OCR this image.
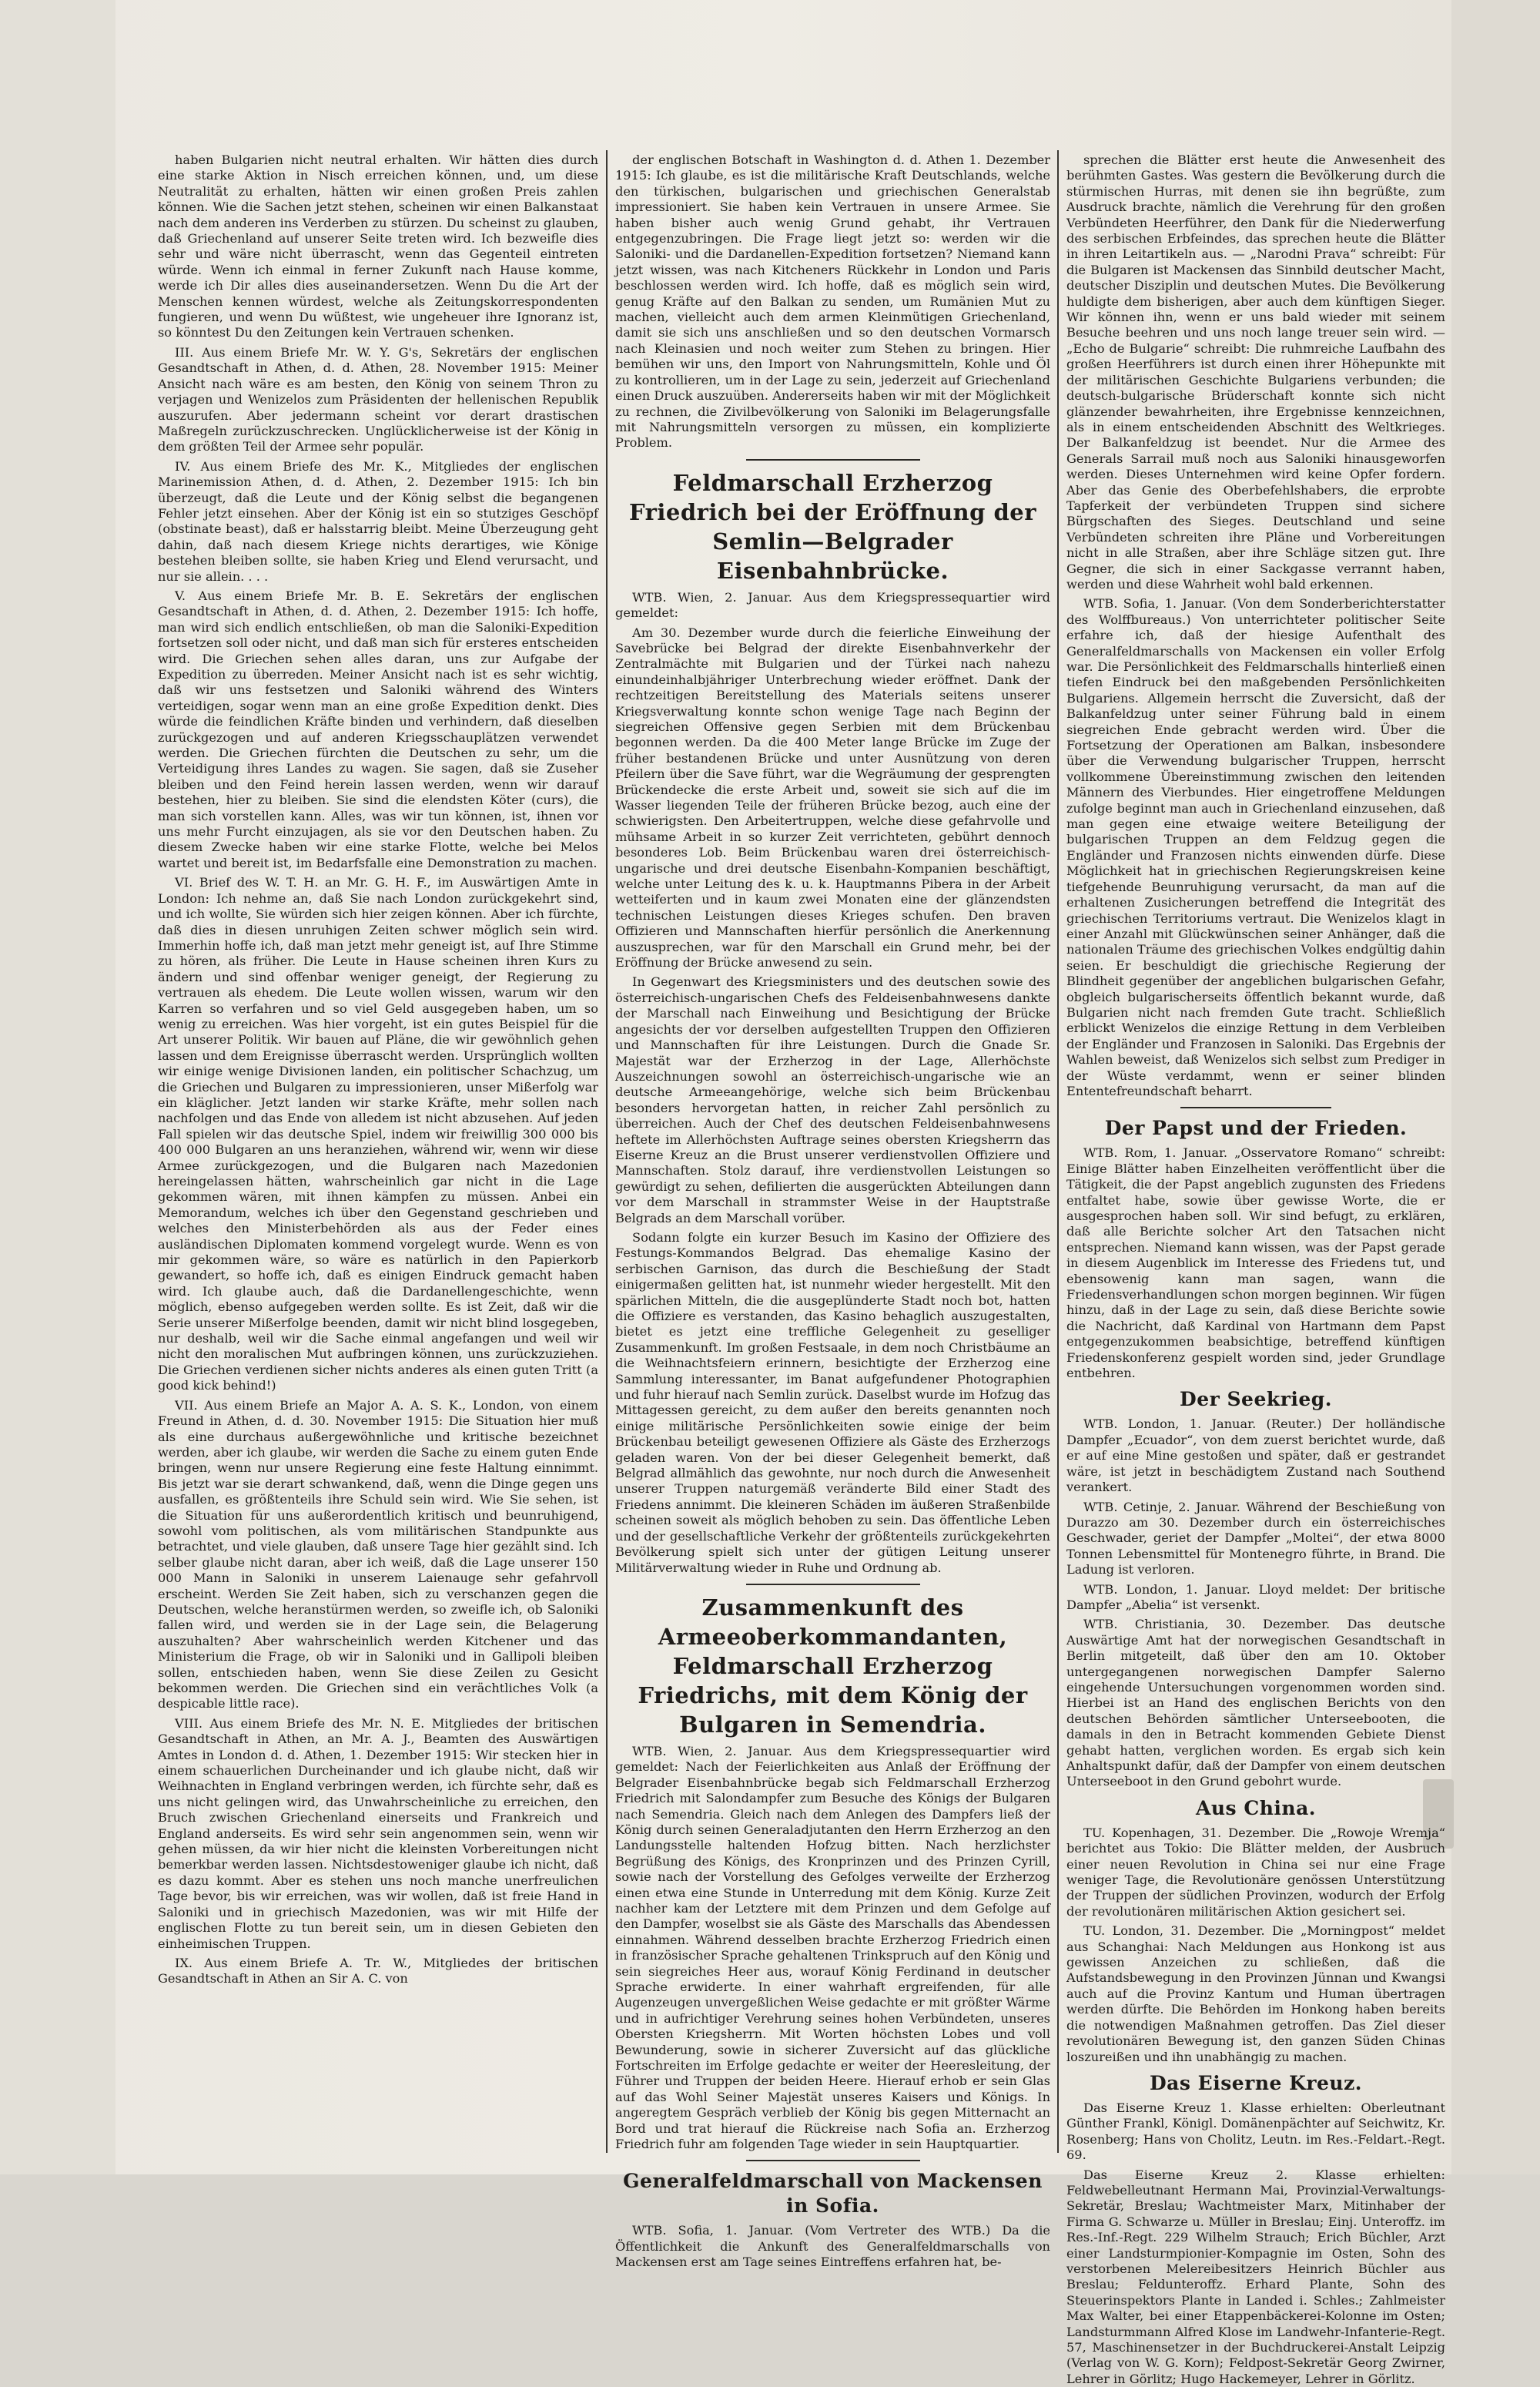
haben Bulgarien nicht neutral erhalten. Wir hätten dies durch eine starke Aktion in Nisch erreichen können, und, um diese Neutralität zu erhalten, hätten wir einen großen Preis zahlen können. Wie die Sachen jetzt stehen, scheinen wir einen Balkanstaat nach dem anderen ins Verderben zu stürzen. Du scheinst zu glauben, daß Griechenland auf unserer Seite treten wird. Ich bezweifle dies sehr und wäre nicht überrascht, wenn das Gegenteil eintreten würde. Wenn ich einmal in ferner Zukunft nach Hause komme, werde ich Dir alles dies auseinandersetzen. Wenn Du die Art der Menschen kennen würdest, welche als Zeitungskorrespondenten fungieren, und wenn Du wüßtest, wie ungeheuer ihre Ignoranz ist, so könntest Du den Zeitungen kein Vertrauen schenken.

III. Aus einem Briefe Mr. W. Y. G's, Sekretärs der englischen Gesandtschaft in Athen, d. d. Athen, 28. November 1915: Meiner Ansicht nach wäre es am besten, den König von seinem Thron zu verjagen und Wenizelos zum Präsidenten der hellenischen Republik auszurufen. Aber jedermann scheint vor derart drastischen Maßregeln zurückzuschrecken. Unglücklicherweise ist der König in dem größten Teil der Armee sehr populär.

IV. Aus einem Briefe des Mr. K., Mitgliedes der englischen Marinemission Athen, d. d. Athen, 2. Dezember 1915: Ich bin überzeugt, daß die Leute und der König selbst die begangenen Fehler jetzt einsehen. Aber der König ist ein so stutziges Geschöpf (obstinate beast), daß er halsstarrig bleibt. Meine Überzeugung geht dahin, daß nach diesem Kriege nichts derartiges, wie Könige bestehen bleiben sollte, sie haben Krieg und Elend verursacht, und nur sie allein. . . .

V. Aus einem Briefe Mr. B. E. Sekretärs der englischen Gesandtschaft in Athen, d. d. Athen, 2. Dezember 1915: Ich hoffe, man wird sich endlich entschließen, ob man die Saloniki-Expedition fortsetzen soll oder nicht, und daß man sich für ersteres entscheiden wird. Die Griechen sehen alles daran, uns zur Aufgabe der Expedition zu überreden. Meiner Ansicht nach ist es sehr wichtig, daß wir uns festsetzen und Saloniki während des Winters verteidigen, sogar wenn man an eine große Expedition denkt. Dies würde die feindlichen Kräfte binden und verhindern, daß dieselben zurückgezogen und auf anderen Kriegsschauplätzen verwendet werden. Die Griechen fürchten die Deutschen zu sehr, um die Verteidigung ihres Landes zu wagen. Sie sagen, daß sie Zuseher bleiben und den Feind herein lassen werden, wenn wir darauf bestehen, hier zu bleiben. Sie sind die elendsten Köter (curs), die man sich vorstellen kann. Alles, was wir tun können, ist, ihnen vor uns mehr Furcht einzujagen, als sie vor den Deutschen haben. Zu diesem Zwecke haben wir eine starke Flotte, welche bei Melos wartet und bereit ist, im Bedarfsfalle eine Demonstration zu machen.

VI. Brief des W. T. H. an Mr. G. H. F., im Auswärtigen Amte in London: Ich nehme an, daß Sie nach London zurückgekehrt sind, und ich wollte, Sie würden sich hier zeigen können. Aber ich fürchte, daß dies in diesen unruhigen Zeiten schwer möglich sein wird. Immerhin hoffe ich, daß man jetzt mehr geneigt ist, auf Ihre Stimme zu hören, als früher. Die Leute in Hause scheinen ihren Kurs zu ändern und sind offenbar weniger geneigt, der Regierung zu vertrauen als ehedem. Die Leute wollen wissen, warum wir den Karren so verfahren und so viel Geld ausgegeben haben, um so wenig zu erreichen. Was hier vorgeht, ist ein gutes Beispiel für die Art unserer Politik. Wir bauen auf Pläne, die wir gewöhnlich gehen lassen und dem Ereignisse überrascht werden. Ursprünglich wollten wir einige wenige Divisionen landen, ein politischer Schachzug, um die Griechen und Bulgaren zu impressionieren, unser Mißerfolg war ein kläglicher. Jetzt landen wir starke Kräfte, mehr sollen nach nachfolgen und das Ende von alledem ist nicht abzusehen. Auf jeden Fall spielen wir das deutsche Spiel, indem wir freiwillig 300 000 bis 400 000 Bulgaren an uns heranziehen, während wir, wenn wir diese Armee zurückgezogen, und die Bulgaren nach Mazedonien hereingelassen hätten, wahrscheinlich gar nicht in die Lage gekommen wären, mit ihnen kämpfen zu müssen. Anbei ein Memorandum, welches ich über den Gegenstand geschrieben und welches den Ministerbehörden als aus der Feder eines ausländischen Diplomaten kommend vorgelegt wurde. Wenn es von mir gekommen wäre, so wäre es natürlich in den Papierkorb gewandert, so hoffe ich, daß es einigen Eindruck gemacht haben wird. Ich glaube auch, daß die Dardanellengeschichte, wenn möglich, ebenso aufgegeben werden sollte. Es ist Zeit, daß wir die Serie unserer Mißerfolge beenden, damit wir nicht blind losgegeben, nur deshalb, weil wir die Sache einmal angefangen und weil wir nicht den moralischen Mut aufbringen können, uns zurückzuziehen. Die Griechen verdienen sicher nichts anderes als einen guten Tritt (a good kick behind!)

VII. Aus einem Briefe an Major A. A. S. K., London, von einem Freund in Athen, d. d. 30. November 1915: Die Situation hier muß als eine durchaus außergewöhnliche und kritische bezeichnet werden, aber ich glaube, wir werden die Sache zu einem guten Ende bringen, wenn nur unsere Regierung eine feste Haltung einnimmt. Bis jetzt war sie derart schwankend, daß, wenn die Dinge gegen uns ausfallen, es größtenteils ihre Schuld sein wird. Wie Sie sehen, ist die Situation für uns außerordentlich kritisch und beunruhigend, sowohl vom politischen, als vom militärischen Standpunkte aus betrachtet, und viele glauben, daß unsere Tage hier gezählt sind. Ich selber glaube nicht daran, aber ich weiß, daß die Lage unserer 150 000 Mann in Saloniki in unserem Laienauge sehr gefahrvoll erscheint. Werden Sie Zeit haben, sich zu verschanzen gegen die Deutschen, welche heranstürmen werden, so zweifle ich, ob Saloniki fallen wird, und werden sie in der Lage sein, die Belagerung auszuhalten? Aber wahrscheinlich werden Kitchener und das Ministerium die Frage, ob wir in Saloniki und in Gallipoli bleiben sollen, entschieden haben, wenn Sie diese Zeilen zu Gesicht bekommen werden. Die Griechen sind ein verächtliches Volk (a despicable little race).

VIII. Aus einem Briefe des Mr. N. E. Mitgliedes der britischen Gesandtschaft in Athen, an Mr. A. J., Beamten des Auswärtigen Amtes in London d. d. Athen, 1. Dezember 1915: Wir stecken hier in einem schauerlichen Durcheinander und ich glaube nicht, daß wir Weihnachten in England verbringen werden, ich fürchte sehr, daß es uns nicht gelingen wird, das Unwahrscheinliche zu erreichen, den Bruch zwischen Griechenland einerseits und Frankreich und England anderseits. Es wird sehr sein angenommen sein, wenn wir gehen müssen, da wir hier nicht die kleinsten Vorbereitungen nicht bemerkbar werden lassen. Nichtsdestoweniger glaube ich nicht, daß es dazu kommt. Aber es stehen uns noch manche unerfreulichen Tage bevor, bis wir erreichen, was wir wollen, daß ist freie Hand in Saloniki und in griechisch Mazedonien, was wir mit Hilfe der englischen Flotte zu tun bereit sein, um in diesen Gebieten den einheimischen Truppen.

IX. Aus einem Briefe A. Tr. W., Mitgliedes der britischen Gesandtschaft in Athen an Sir A. C. von

der englischen Botschaft in Washington d. d. Athen 1. Dezember 1915: Ich glaube, es ist die militärische Kraft Deutschlands, welche den türkischen, bulgarischen und griechischen Generalstab impressioniert. Sie haben kein Vertrauen in unsere Armee. Sie haben bisher auch wenig Grund gehabt, ihr Vertrauen entgegenzubringen. Die Frage liegt jetzt so: werden wir die Saloniki- und die Dardanellen-Expedition fortsetzen? Niemand kann jetzt wissen, was nach Kitcheners Rückkehr in London und Paris beschlossen werden wird. Ich hoffe, daß es möglich sein wird, genug Kräfte auf den Balkan zu senden, um Rumänien Mut zu machen, vielleicht auch dem armen Kleinmütigen Griechenland, damit sie sich uns anschließen und so den deutschen Vormarsch nach Kleinasien und noch weiter zum Stehen zu bringen. Hier bemühen wir uns, den Import von Nahrungsmitteln, Kohle und Öl zu kontrollieren, um in der Lage zu sein, jederzeit auf Griechenland einen Druck auszuüben. Andererseits haben wir mit der Möglichkeit zu rechnen, die Zivilbevölkerung von Saloniki im Belagerungsfalle mit Nahrungsmitteln versorgen zu müssen, ein komplizierte Problem.

Feldmarschall Erzherzog Friedrich bei der Eröffnung der Semlin—Belgrader Eisenbahnbrücke.

WTB. Wien, 2. Januar. Aus dem Kriegspressequartier wird gemeldet:

Am 30. Dezember wurde durch die feierliche Einweihung der Savebrücke bei Belgrad der direkte Eisenbahnverkehr der Zentralmächte mit Bulgarien und der Türkei nach nahezu einundeinhalbjähriger Unterbrechung wieder eröffnet. Dank der rechtzeitigen Bereitstellung des Materials seitens unserer Kriegsverwaltung konnte schon wenige Tage nach Beginn der siegreichen Offensive gegen Serbien mit dem Brückenbau begonnen werden. Da die 400 Meter lange Brücke im Zuge der früher bestandenen Brücke und unter Ausnützung von deren Pfeilern über die Save führt, war die Wegräumung der gesprengten Brückendecke die erste Arbeit und, soweit sie sich auf die im Wasser liegenden Teile der früheren Brücke bezog, auch eine der schwierigsten. Den Arbeitertruppen, welche diese gefahrvolle und mühsame Arbeit in so kurzer Zeit verrichteten, gebührt dennoch besonderes Lob. Beim Brückenbau waren drei österreichisch-ungarische und drei deutsche Eisenbahn-Kompanien beschäftigt, welche unter Leitung des k. u. k. Hauptmanns Pibera in der Arbeit wetteiferten und in kaum zwei Monaten eine der glänzendsten technischen Leistungen dieses Krieges schufen. Den braven Offizieren und Mannschaften hierfür persönlich die Anerkennung auszusprechen, war für den Marschall ein Grund mehr, bei der Eröffnung der Brücke anwesend zu sein.

In Gegenwart des Kriegsministers und des deutschen sowie des österreichisch-ungarischen Chefs des Feldeisenbahnwesens dankte der Marschall nach Einweihung und Besichtigung der Brücke angesichts der vor derselben aufgestellten Truppen den Offizieren und Mannschaften für ihre Leistungen. Durch die Gnade Sr. Majestät war der Erzherzog in der Lage, Allerhöchste Auszeichnungen sowohl an österreichisch-ungarische wie an deutsche Armeeangehörige, welche sich beim Brückenbau besonders hervorgetan hatten, in reicher Zahl persönlich zu überreichen. Auch der Chef des deutschen Feldeisenbahnwesens heftete im Allerhöchsten Auftrage seines obersten Kriegsherrn das Eiserne Kreuz an die Brust unserer verdienstvollen Offiziere und Mannschaften. Stolz darauf, ihre verdienstvollen Leistungen so gewürdigt zu sehen, defilierten die ausgerückten Abteilungen dann vor dem Marschall in strammster Weise in der Hauptstraße Belgrads an dem Marschall vorüber.

Sodann folgte ein kurzer Besuch im Kasino der Offiziere des Festungs-Kommandos Belgrad. Das ehemalige Kasino der serbischen Garnison, das durch die Beschießung der Stadt einigermaßen gelitten hat, ist nunmehr wieder hergestellt. Mit den spärlichen Mitteln, die die ausgeplünderte Stadt noch bot, hatten die Offiziere es verstanden, das Kasino behaglich auszugestalten, bietet es jetzt eine treffliche Gelegenheit zu geselliger Zusammenkunft. Im großen Festsaale, in dem noch Christbäume an die Weihnachtsfeiern erinnern, besichtigte der Erzherzog eine Sammlung interessanter, im Banat aufgefundener Photographien und fuhr hierauf nach Semlin zurück. Daselbst wurde im Hofzug das Mittagessen gereicht, zu dem außer den bereits genannten noch einige militärische Persönlichkeiten sowie einige der beim Brückenbau beteiligt gewesenen Offiziere als Gäste des Erzherzogs geladen waren. Von der bei dieser Gelegenheit bemerkt, daß Belgrad allmählich das gewohnte, nur noch durch die Anwesenheit unserer Truppen naturgemäß veränderte Bild einer Stadt des Friedens annimmt. Die kleineren Schäden im äußeren Straßenbilde scheinen soweit als möglich behoben zu sein. Das öffentliche Leben und der gesellschaftliche Verkehr der größtenteils zurückgekehrten Bevölkerung spielt sich unter der gütigen Leitung unserer Militärverwaltung wieder in Ruhe und Ordnung ab.

Zusammenkunft des Armeeoberkommandanten, Feldmarschall Erzherzog Friedrichs, mit dem König der Bulgaren in Semendria.

WTB. Wien, 2. Januar. Aus dem Kriegspressequartier wird gemeldet: Nach der Feierlichkeiten aus Anlaß der Eröffnung der Belgrader Eisenbahnbrücke begab sich Feldmarschall Erzherzog Friedrich mit Salondampfer zum Besuche des Königs der Bulgaren nach Semendria. Gleich nach dem Anlegen des Dampfers ließ der König durch seinen Generaladjutanten den Herrn Erzherzog an den Landungsstelle haltenden Hofzug bitten. Nach herzlichster Begrüßung des Königs, des Kronprinzen und des Prinzen Cyrill, sowie nach der Vorstellung des Gefolges verweilte der Erzherzog einen etwa eine Stunde in Unterredung mit dem König. Kurze Zeit nachher kam der Letztere mit dem Prinzen und dem Gefolge auf den Dampfer, woselbst sie als Gäste des Marschalls das Abendessen einnahmen. Während desselben brachte Erzherzog Friedrich einen in französischer Sprache gehaltenen Trinkspruch auf den König und sein siegreiches Heer aus, worauf König Ferdinand in deutscher Sprache erwiderte. In einer wahrhaft ergreifenden, für alle Augenzeugen unvergeßlichen Weise gedachte er mit größter Wärme und in aufrichtiger Verehrung seines hohen Verbündeten, unseres Obersten Kriegsherrn. Mit Worten höchsten Lobes und voll Bewunderung, sowie in sicherer Zuversicht auf das glückliche Fortschreiten im Erfolge gedachte er weiter der Heeresleitung, der Führer und Truppen der beiden Heere. Hierauf erhob er sein Glas auf das Wohl Seiner Majestät unseres Kaisers und Königs. In angeregtem Gespräch verblieb der König bis gegen Mitternacht an Bord und trat hierauf die Rückreise nach Sofia an. Erzherzog Friedrich fuhr am folgenden Tage wieder in sein Hauptquartier.

Generalfeldmarschall von Mackensen in Sofia.

WTB. Sofia, 1. Januar. (Vom Vertreter des WTB.) Da die Öffentlichkeit die Ankunft des Generalfeldmarschalls von Mackensen erst am Tage seines Eintreffens erfahren hat, be-

sprechen die Blätter erst heute die Anwesenheit des berühmten Gastes. Was gestern die Bevölkerung durch die stürmischen Hurras, mit denen sie ihn begrüßte, zum Ausdruck brachte, nämlich die Verehrung für den großen Verbündeten Heerführer, den Dank für die Niederwerfung des serbischen Erbfeindes, das sprechen heute die Blätter in ihren Leitartikeln aus. — „Narodni Prava“ schreibt: Für die Bulgaren ist Mackensen das Sinnbild deutscher Macht, deutscher Disziplin und deutschen Mutes. Die Bevölkerung huldigte dem bisherigen, aber auch dem künftigen Sieger. Wir können ihn, wenn er uns bald wieder mit seinem Besuche beehren und uns noch lange treuer sein wird. — „Echo de Bulgarie“ schreibt: Die ruhmreiche Laufbahn des großen Heerführers ist durch einen ihrer Höhepunkte mit der militärischen Geschichte Bulgariens verbunden; die deutsch-bulgarische Brüderschaft konnte sich nicht glänzender bewahrheiten, ihre Ergebnisse kennzeichnen, als in einem entscheidenden Abschnitt des Weltkrieges. Der Balkanfeldzug ist beendet. Nur die Armee des Generals Sarrail muß noch aus Saloniki hinausgeworfen werden. Dieses Unternehmen wird keine Opfer fordern. Aber das Genie des Oberbefehlshabers, die erprobte Tapferkeit der verbündeten Truppen sind sichere Bürgschaften des Sieges. Deutschland und seine Verbündeten schreiten ihre Pläne und Vorbereitungen nicht in alle Straßen, aber ihre Schläge sitzen gut. Ihre Gegner, die sich in einer Sackgasse verrannt haben, werden und diese Wahrheit wohl bald erkennen.

WTB. Sofia, 1. Januar. (Von dem Sonderberichterstatter des Wolffbureaus.) Von unterrichteter politischer Seite erfahre ich, daß der hiesige Aufenthalt des Generalfeldmarschalls von Mackensen ein voller Erfolg war. Die Persönlichkeit des Feldmarschalls hinterließ einen tiefen Eindruck bei den maßgebenden Persönlichkeiten Bulgariens. Allgemein herrscht die Zuversicht, daß der Balkanfeldzug unter seiner Führung bald in einem siegreichen Ende gebracht werden wird. Über die Fortsetzung der Operationen am Balkan, insbesondere über die Verwendung bulgarischer Truppen, herrscht vollkommene Übereinstimmung zwischen den leitenden Männern des Vierbundes. Hier eingetroffene Meldungen zufolge beginnt man auch in Griechenland einzusehen, daß man gegen eine etwaige weitere Beteiligung der bulgarischen Truppen an dem Feldzug gegen die Engländer und Franzosen nichts einwenden dürfe. Diese Möglichkeit hat in griechischen Regierungskreisen keine tiefgehende Beunruhigung verursacht, da man auf die erhaltenen Zusicherungen betreffend die Integrität des griechischen Territoriums vertraut. Die Wenizelos klagt in einer Anzahl mit Glückwünschen seiner Anhänger, daß die nationalen Träume des griechischen Volkes endgültig dahin seien. Er beschuldigt die griechische Regierung der Blindheit gegenüber der angeblichen bulgarischen Gefahr, obgleich bulgarischerseits öffentlich bekannt wurde, daß Bulgarien nicht nach fremden Gute tracht. Schließlich erblickt Wenizelos die einzige Rettung in dem Verbleiben der Engländer und Franzosen in Saloniki. Das Ergebnis der Wahlen beweist, daß Wenizelos sich selbst zum Prediger in der Wüste verdammt, wenn er seiner blinden Ententefreundschaft beharrt.

Der Papst und der Frieden.

WTB. Rom, 1. Januar. „Osservatore Romano“ schreibt: Einige Blätter haben Einzelheiten veröffentlicht über die Tätigkeit, die der Papst angeblich zugunsten des Friedens entfaltet habe, sowie über gewisse Worte, die er ausgesprochen haben soll. Wir sind befugt, zu erklären, daß alle Berichte solcher Art den Tatsachen nicht entsprechen. Niemand kann wissen, was der Papst gerade in diesem Augenblick im Interesse des Friedens tut, und ebensowenig kann man sagen, wann die Friedensverhandlungen schon morgen beginnen. Wir fügen hinzu, daß in der Lage zu sein, daß diese Berichte sowie die Nachricht, daß Kardinal von Hartmann dem Papst entgegenzukommen beabsichtige, betreffend künftigen Friedenskonferenz gespielt worden sind, jeder Grundlage entbehren.

Der Seekrieg.

WTB. London, 1. Januar. (Reuter.) Der holländische Dampfer „Ecuador“, von dem zuerst berichtet wurde, daß er auf eine Mine gestoßen und später, daß er gestrandet wäre, ist jetzt in beschädigtem Zustand nach Southend verankert.

WTB. Cetinje, 2. Januar. Während der Beschießung von Durazzo am 30. Dezember durch ein österreichisches Geschwader, geriet der Dampfer „Moltei“, der etwa 8000 Tonnen Lebensmittel für Montenegro führte, in Brand. Die Ladung ist verloren.

WTB. London, 1. Januar. Lloyd meldet: Der britische Dampfer „Abelia“ ist versenkt.

WTB. Christiania, 30. Dezember. Das deutsche Auswärtige Amt hat der norwegischen Gesandtschaft in Berlin mitgeteilt, daß über den am 10. Oktober untergegangenen norwegischen Dampfer Salerno eingehende Untersuchungen vorgenommen worden sind. Hierbei ist an Hand des englischen Berichts von den deutschen Behörden sämtlicher Unterseebooten, die damals in den in Betracht kommenden Gebiete Dienst gehabt hatten, verglichen worden. Es ergab sich kein Anhaltspunkt dafür, daß der Dampfer von einem deutschen Unterseeboot in den Grund gebohrt wurde.

Aus China.

TU. Kopenhagen, 31. Dezember. Die „Rowoje Wremja“ berichtet aus Tokio: Die Blätter melden, der Ausbruch einer neuen Revolution in China sei nur eine Frage weniger Tage, die Revolutionäre genössen Unterstützung der Truppen der südlichen Provinzen, wodurch der Erfolg der revolutionären militärischen Aktion gesichert sei.

TU. London, 31. Dezember. Die „Morningpost“ meldet aus Schanghai: Nach Meldungen aus Honkong ist aus gewissen Anzeichen zu schließen, daß die Aufstandsbewegung in den Provinzen Jünnan und Kwangsi auch auf die Provinz Kantum und Human übertragen werden dürfte. Die Behörden im Honkong haben bereits die notwendigen Maßnahmen getroffen. Das Ziel dieser revolutionären Bewegung ist, den ganzen Süden Chinas loszureißen und ihn unabhängig zu machen.

Das Eiserne Kreuz.

Das Eiserne Kreuz 1. Klasse erhielten: Oberleutnant Günther Frankl, Königl. Domänenpächter auf Seichwitz, Kr. Rosenberg; Hans von Cholitz, Leutn. im Res.-Feldart.-Regt. 69.

Das Eiserne Kreuz 2. Klasse erhielten: Feldwebelleutnant Hermann Mai, Provinzial-Verwaltungs-Sekretär, Breslau; Wachtmeister Marx, Mitinhaber der Firma G. Schwarze u. Müller in Breslau; Einj. Unteroffz. im Res.-Inf.-Regt. 229 Wilhelm Strauch; Erich Büchler, Arzt einer Landsturmpionier-Kompagnie im Osten, Sohn des verstorbenen Melereibesitzers Heinrich Büchler aus Breslau; Feldunteroffz. Erhard Plante, Sohn des Steuerinspektors Plante in Landed i. Schles.; Zahlmeister Max Walter, bei einer Etappenbäckerei-Kolonne im Osten; Landsturmmann Alfred Klose im Landwehr-Infanterie-Regt. 57, Maschinensetzer in der Buchdruckerei-Anstalt Leipzig (Verlag von W. G. Korn); Feldpost-Sekretär Georg Zwirner, Lehrer in Görlitz; Hugo Hackemeyer, Lehrer in Görlitz.
